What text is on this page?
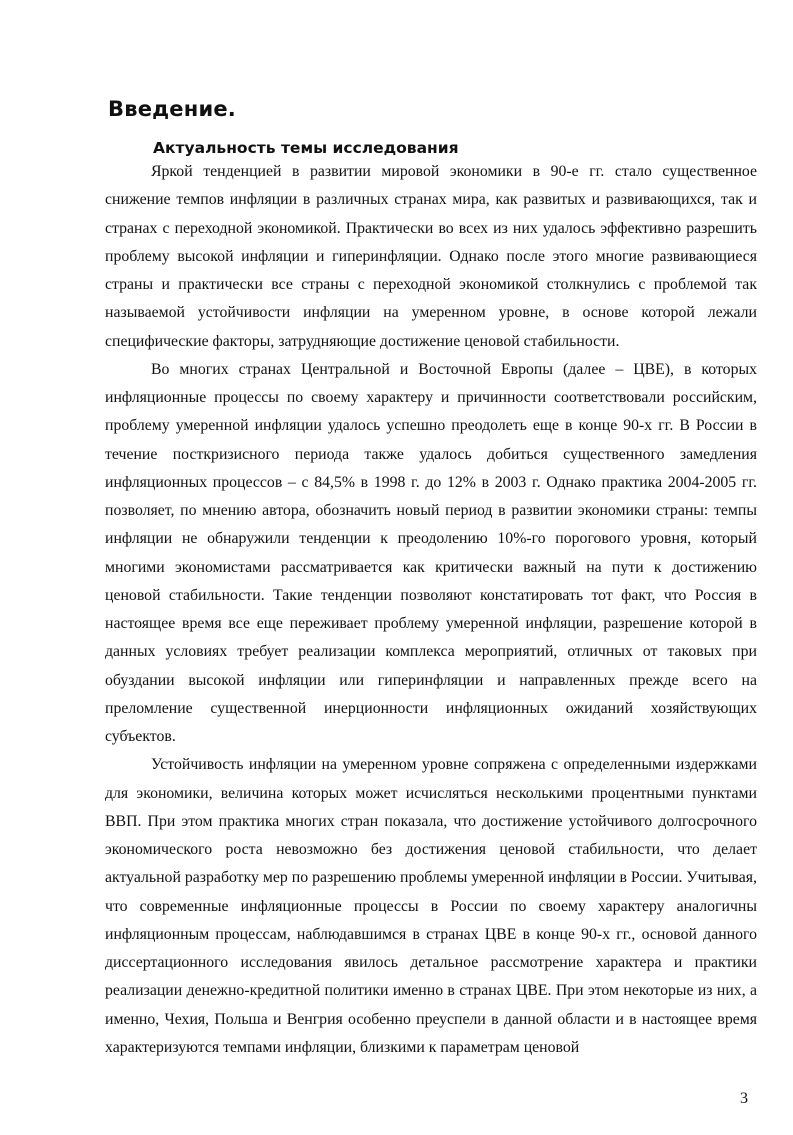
Введение.
Актуальность темы исследования

Яркой тенденцией в развитии мировой экономики в 90-е гг. стало существенное снижение темпов инфляции в различных странах мира, как развитых и развивающихся, так и странах с переходной экономикой. Практически во всех из них удалось эффективно разрешить проблему высокой инфляции и гиперинфляции. Однако после этого многие развивающиеся страны и практически все страны с переходной экономикой столкнулись с проблемой так называемой устойчивости инфляции на умеренном уровне, в основе которой лежали специфические факторы, затрудняющие достижение ценовой стабильности.

Во многих странах Центральной и Восточной Европы (далее – ЦВЕ), в которых инфляционные процессы по своему характеру и причинности соответствовали российским, проблему умеренной инфляции удалось успешно преодолеть еще в конце 90-х гг. В России в течение посткризисного периода также удалось добиться существенного замедления инфляционных процессов – с 84,5% в 1998 г. до 12% в 2003 г. Однако практика 2004-2005 гг. позволяет, по мнению автора, обозначить новый период в развитии экономики страны: темпы инфляции не обнаружили тенденции к преодолению 10%-го порогового уровня, который многими экономистами рассматривается как критически важный на пути к достижению ценовой стабильности. Такие тенденции позволяют констатировать тот факт, что Россия в настоящее время все еще переживает проблему умеренной инфляции, разрешение которой в данных условиях требует реализации комплекса мероприятий, отличных от таковых при обуздании высокой инфляции или гиперинфляции и направленных прежде всего на преломление существенной инерционности инфляционных ожиданий хозяйствующих субъектов.

Устойчивость инфляции на умеренном уровне сопряжена с определенными издержками для экономики, величина которых может исчисляться несколькими процентными пунктами ВВП. При этом практика многих стран показала, что достижение устойчивого долгосрочного экономического роста невозможно без достижения ценовой стабильности, что делает актуальной разработку мер по разрешению проблемы умеренной инфляции в России. Учитывая, что современные инфляционные процессы в России по своему характеру аналогичны инфляционным процессам, наблюдавшимся в странах ЦВЕ в конце 90-х гг., основой данного диссертационного исследования явилось детальное рассмотрение характера и практики реализации денежно-кредитной политики именно в странах ЦВЕ. При этом некоторые из них, а именно, Чехия, Польша и Венгрия особенно преуспели в данной области и в настоящее время характеризуются темпами инфляции, близкими к параметрам ценовой

3
